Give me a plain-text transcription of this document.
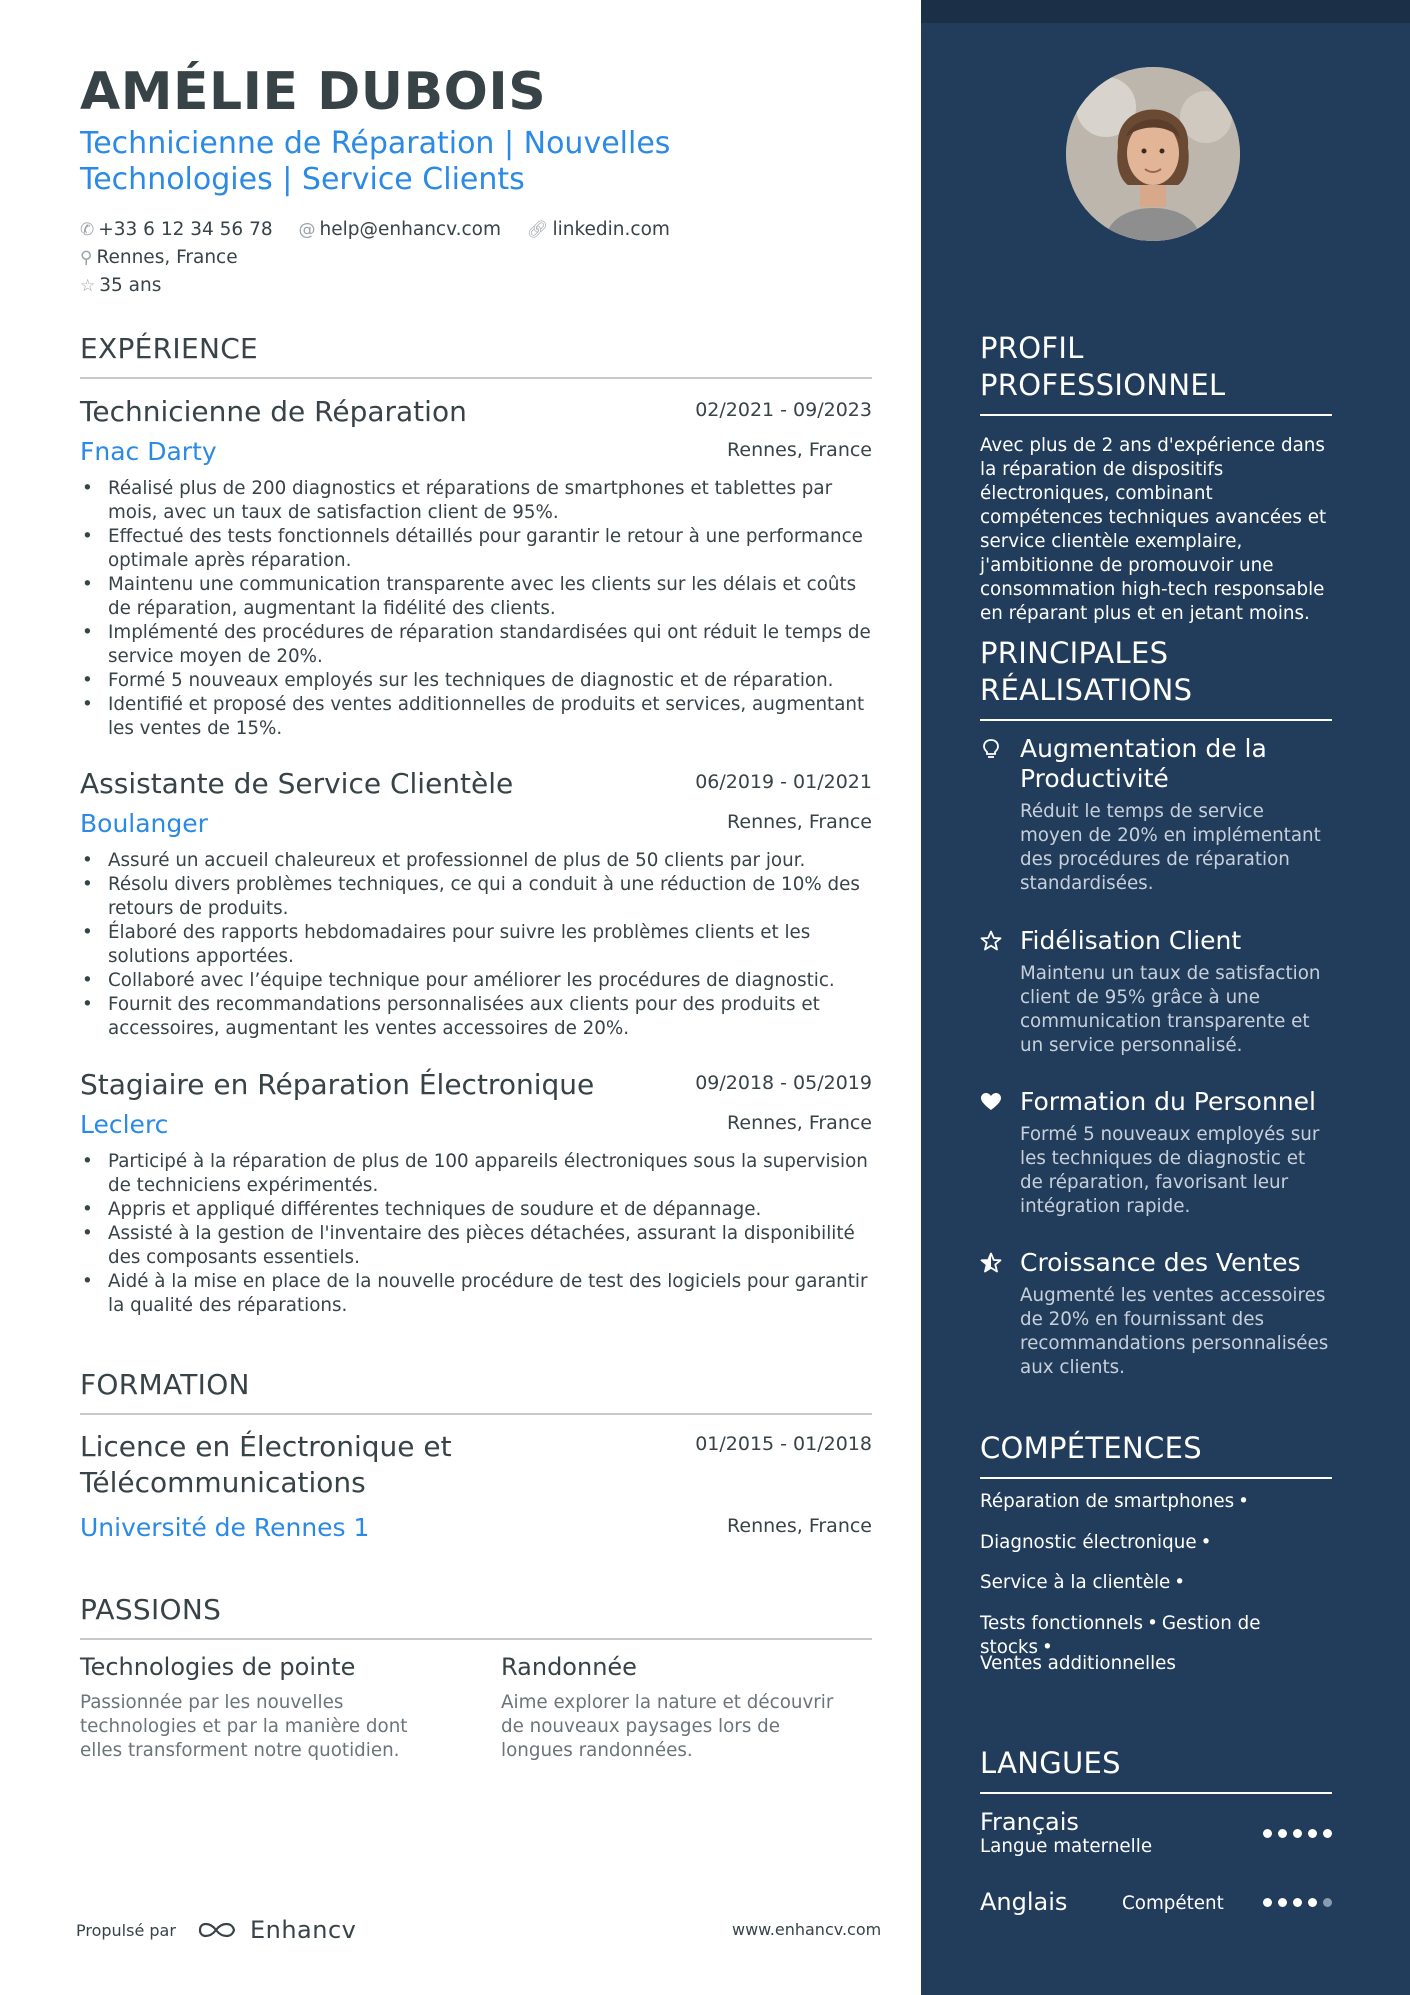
AMÉLIE DUBOIS
Technicienne de Réparation | Nouvelles Technologies | Service Clients
✆ +33 6 12 34 56 78 @ help@enhancv.com 🔗︎ linkedin.com ⚲ Rennes, France
☆ 35 ans
EXPÉRIENCE
Technicienne de Réparation	02/2021 - 09/2023
Fnac Darty	Rennes, France
• Réalisé plus de 200 diagnostics et réparations de smartphones et tablettes par mois, avec un taux de satisfaction client de 95%.
• Effectué des tests fonctionnels détaillés pour garantir le retour à une performance optimale après réparation.
• Maintenu une communication transparente avec les clients sur les délais et coûts de réparation, augmentant la fidélité des clients.
• Implémenté des procédures de réparation standardisées qui ont réduit le temps de service moyen de 20%.
• Formé 5 nouveaux employés sur les techniques de diagnostic et de réparation.
• Identifié et proposé des ventes additionnelles de produits et services, augmentant les ventes de 15%.
Assistante de Service Clientèle	06/2019 - 01/2021
Boulanger	Rennes, France
• Assuré un accueil chaleureux et professionnel de plus de 50 clients par jour.
• Résolu divers problèmes techniques, ce qui a conduit à une réduction de 10% des retours de produits.
• Élaboré des rapports hebdomadaires pour suivre les problèmes clients et les solutions apportées.
• Collaboré avec l’équipe technique pour améliorer les procédures de diagnostic.
• Fournit des recommandations personnalisées aux clients pour des produits et accessoires, augmentant les ventes accessoires de 20%.
Stagiaire en Réparation Électronique	09/2018 - 05/2019
Leclerc	Rennes, France
• Participé à la réparation de plus de 100 appareils électroniques sous la supervision de techniciens expérimentés.
• Appris et appliqué différentes techniques de soudure et de dépannage.
• Assisté à la gestion de l'inventaire des pièces détachées, assurant la disponibilité des composants essentiels.
• Aidé à la mise en place de la nouvelle procédure de test des logiciels pour garantir la qualité des réparations.
FORMATION
Licence en Électronique et Télécommunications
01/2015 - 01/2018
Université de Rennes 1	Rennes, France
PASSIONS
Technologies de pointe
Passionnée par les nouvelles technologies et par la manière dont elles transforment notre quotidien.
Randonnée
Aime explorer la nature et découvrir de nouveaux paysages lors de longues randonnées.
Propulsé par	Enhancv	www.enhancv.com
PROFIL PROFESSIONNEL
Avec plus de 2 ans d'expérience dans la réparation de dispositifs électroniques, combinant compétences techniques avancées et service clientèle exemplaire, j'ambitionne de promouvoir une consommation high-tech responsable en réparant plus et en jetant moins.
PRINCIPALES RÉALISATIONS
Augmentation de la Productivité
Réduit le temps de service moyen de 20% en implémentant des procédures de réparation standardisées.
Fidélisation Client
Maintenu un taux de satisfaction client de 95% grâce à une communication transparente et un service personnalisé.
Formation du Personnel
Formé 5 nouveaux employés sur les techniques de diagnostic et de réparation, favorisant leur intégration rapide.
Croissance des Ventes
Augmenté les ventes accessoires de 20% en fournissant des recommandations personnalisées aux clients.
COMPÉTENCES
Réparation de smartphones •
Diagnostic électronique •
Service à la clientèle •
Tests fonctionnels • Gestion de stocks •
Ventes additionnelles
LANGUES
Français
Langue maternelle
Anglais	Compétent
